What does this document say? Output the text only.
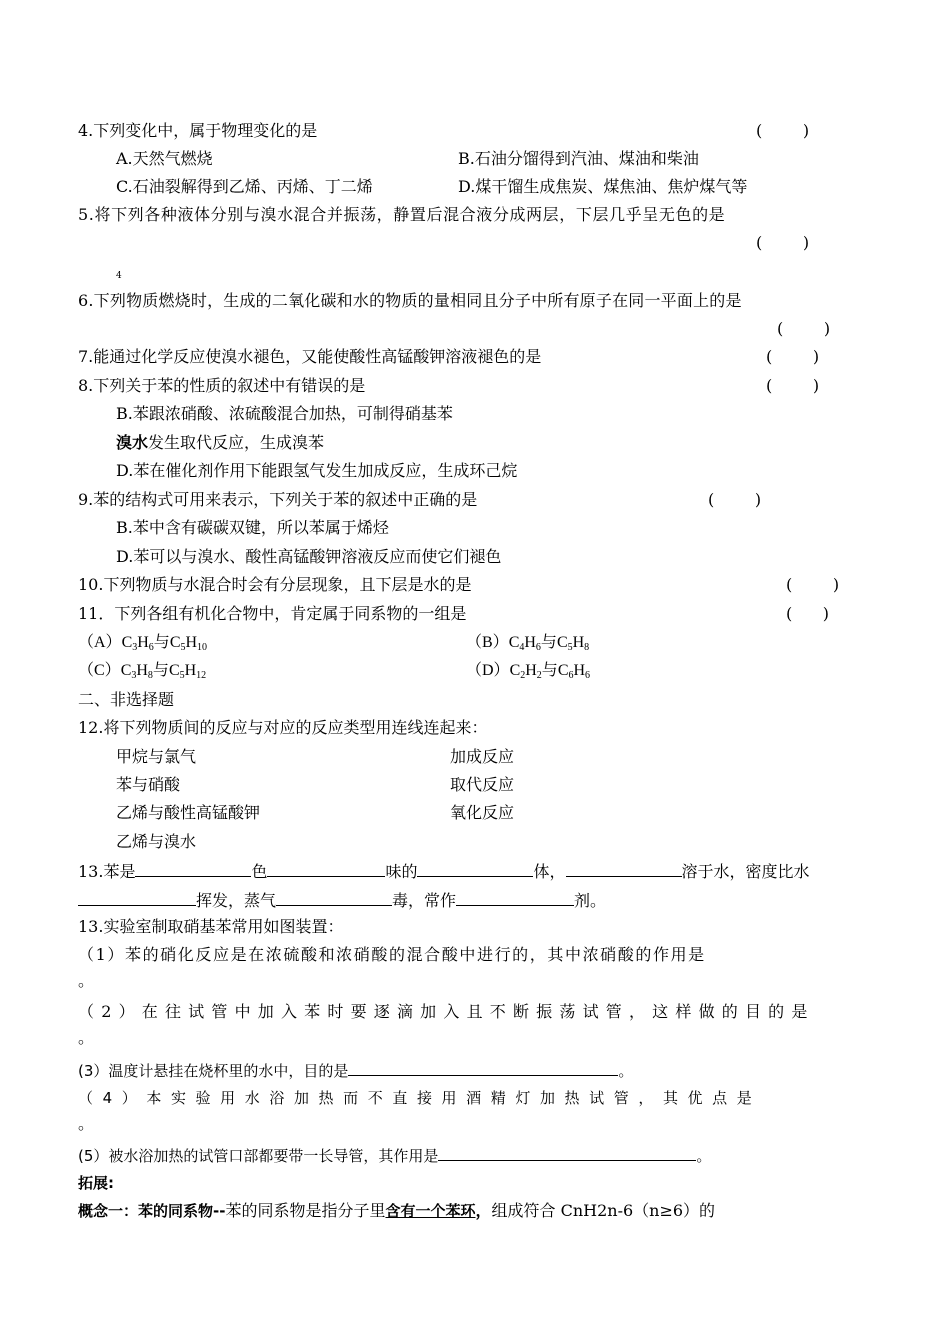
4.下列变化中，属于物理变化的是	(        )
A.天然气燃烧	B.石油分馏得到汽油、煤油和柴油
C.石油裂解得到乙烯、丙烯、丁二烯	D.煤干馏生成焦炭、煤焦油、焦炉煤气等
5.将下列各种液体分别与溴水混合并振荡，静置后混合液分成两层，下层几乎呈无色的是
(        )
4
6.下列物质燃烧时，生成的二氧化碳和水的物质的量相同且分子中所有原子在同一平面上的是
(        )
7.能通过化学反应使溴水褪色，又能使酸性高锰酸钾溶液褪色的是	(        )
8.下列关于苯的性质的叙述中有错误的是	(        )
B.苯跟浓硝酸、浓硫酸混合加热，可制得硝基苯
溴水发生取代反应，生成溴苯
D.苯在催化剂作用下能跟氢气发生加成反应，生成环己烷
9.苯的结构式可用来表示，下列关于苯的叙述中正确的是	(        )
B.苯中含有碳碳双键，所以苯属于烯烃
D.苯可以与溴水、酸性高锰酸钾溶液反应而使它们褪色
10.下列物质与水混合时会有分层现象，且下层是水的是	(        )
11．下列各组有机化合物中，肯定属于同系物的一组是	(      )
$(A)C_3H_6$与$C_5H_{10}$	$(B)C_4H_6$与$C_5H_8$
$(C)C_3H_8$与$C_5H_{12}$	$(D)C_2H_2$与$C_6H_6$
二、非选择题
12.将下列物质间的反应与对应的反应类型用连线连起来：
甲烷与氯气
苯与硝酸
乙烯与酸性高锰酸钾
乙烯与溴水
加成反应
取代反应
氧化反应
13.苯是	色	味的	体，	溶于水，密度比水
挥发，蒸气	毒，常作	剂。
13.实验室制取硝基苯常用如图装置：
（1）苯的硝化反应是在浓硫酸和浓硝酸的混合酸中进行的，其中浓硝酸的作用是
。
（2）在往试管中加入苯时要逐滴加入且不断振荡试管，这样做的目的是
。
(3）温度计悬挂在烧杯里的水中，目的是	。
（4）本实验用水浴加热而不直接用酒精灯加热试管，其优点是
。
(5）被水浴加热的试管口部都要带一长导管，其作用是	。
拓展:
概念一：苯的同系物--苯的同系物是指分子里含有一个苯环，组成符合 CnH2n-6（n≥6）的
